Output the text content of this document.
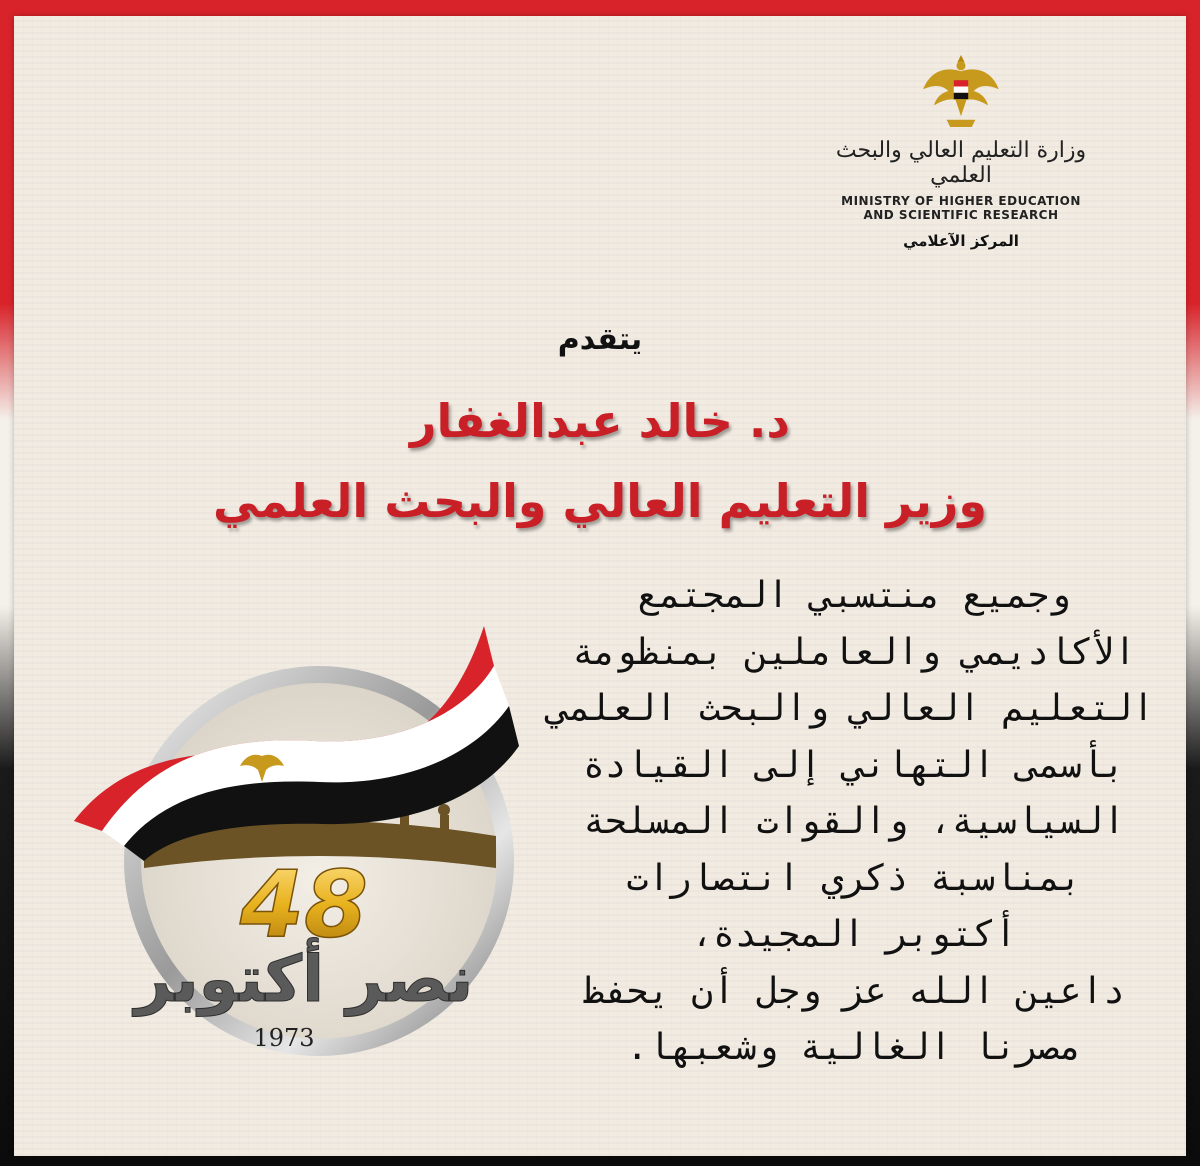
وزارة التعليم العالي والبحث العلمي
MINISTRY OF HIGHER EDUCATION
AND SCIENTIFIC RESEARCH
المركز الآعلامي
يتقدم
د. خالد عبدالغفار
وزير التعليم العالي والبحث العلمي
وجميع منتسبي المجتمع
الأكاديمي والعاملين بمنظومة
التعليم العالي والبحث العلمي
بأسمى التهاني إلى القيادة
السياسية، والقوات المسلحة
بمناسبة ذكري انتصارات
أكتوبر المجيدة،
داعين الله عز وجل أن يحفظ
مصرنا الغالية وشعبها.
48
نصر أكتوبر
1973
